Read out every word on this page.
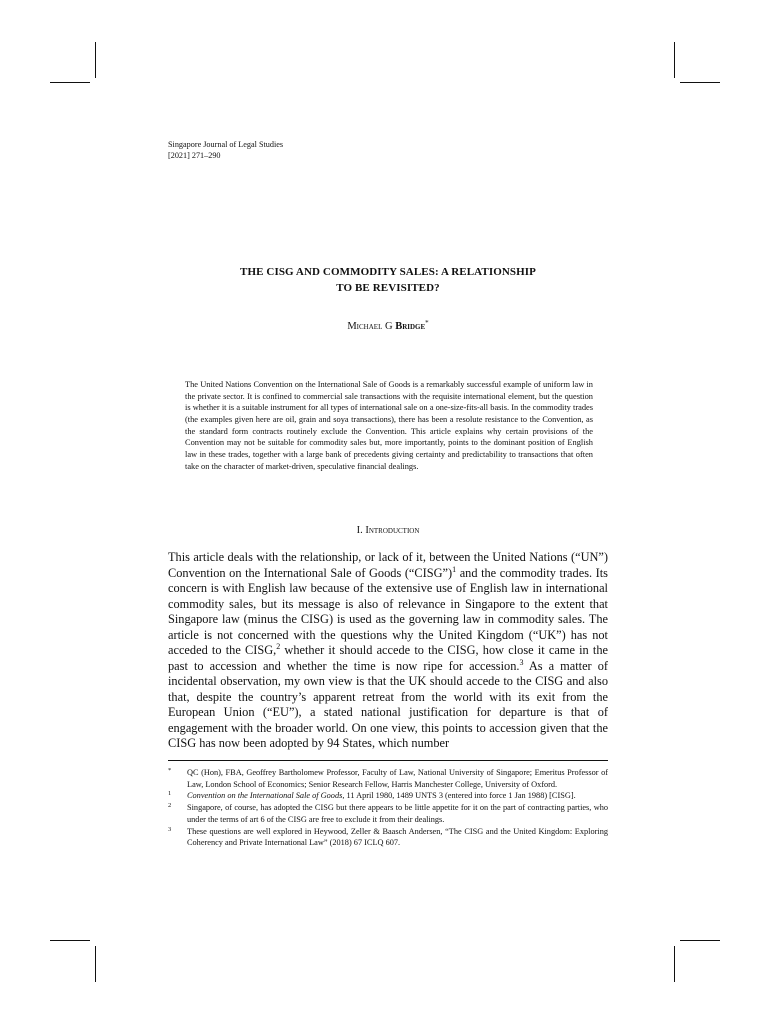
Singapore Journal of Legal Studies
[2021] 271–290
THE CISG AND COMMODITY SALES: A RELATIONSHIP
TO BE REVISITED?
Michael G Bridge*
The United Nations Convention on the International Sale of Goods is a remarkably successful example of uniform law in the private sector. It is confined to commercial sale transactions with the requisite international element, but the question is whether it is a suitable instrument for all types of international sale on a one-size-fits-all basis. In the commodity trades (the examples given here are oil, grain and soya transactions), there has been a resolute resistance to the Convention, as the standard form contracts routinely exclude the Convention. This article explains why certain provisions of the Convention may not be suitable for commodity sales but, more importantly, points to the dominant position of English law in these trades, together with a large bank of precedents giving certainty and predictability to transactions that often take on the character of market-driven, speculative financial dealings.
I. Introduction
This article deals with the relationship, or lack of it, between the United Nations (“UN”) Convention on the International Sale of Goods (“CISG”)$^1$ and the commodity trades. Its concern is with English law because of the extensive use of English law in international commodity sales, but its message is also of relevance in Singapore to the extent that Singapore law (minus the CISG) is used as the governing law in commodity sales. The article is not concerned with the questions why the United Kingdom (“UK”) has not acceded to the CISG,$^2$ whether it should accede to the CISG, how close it came in the past to accession and whether the time is now ripe for accession.$^3$ As a matter of incidental observation, my own view is that the UK should accede to the CISG and also that, despite the country’s apparent retreat from the world with its exit from the European Union (“EU”), a stated national justification for departure is that of engagement with the broader world. On one view, this points to accession given that the CISG has now been adopted by 94 States, which number
* QC (Hon), FBA, Geoffrey Bartholomew Professor, Faculty of Law, National University of Singapore; Emeritus Professor of Law, London School of Economics; Senior Research Fellow, Harris Manchester College, University of Oxford.
1 Convention on the International Sale of Goods, 11 April 1980, 1489 UNTS 3 (entered into force 1 Jan 1988) [CISG].
2 Singapore, of course, has adopted the CISG but there appears to be little appetite for it on the part of contracting parties, who under the terms of art 6 of the CISG are free to exclude it from their dealings.
3 These questions are well explored in Heywood, Zeller & Baasch Andersen, “The CISG and the United Kingdom: Exploring Coherency and Private International Law” (2018) 67 ICLQ 607.
